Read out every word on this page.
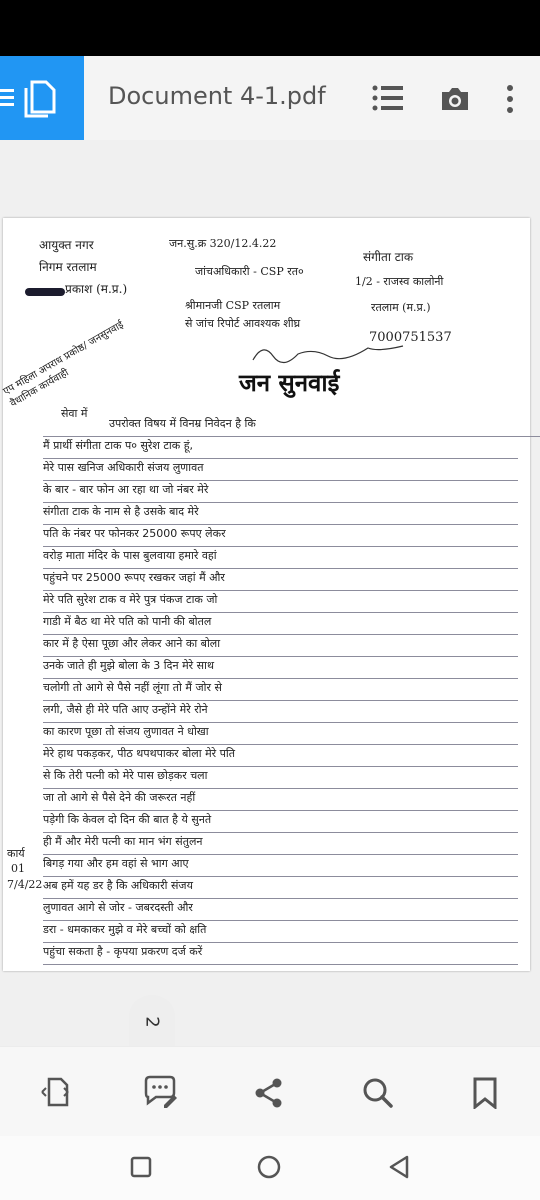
Document 4-1.pdf
आयुक्त नगर
निगम रतलाम
प्रकाश (म.प्र.)
एप महिला अपराध प्रकोष्ठ/ जनसुनवाई वैधानिक कार्यवाही
जन.सु.क्र 320/12.4.22
जांचअधिकारी - CSP रत०
श्रीमानजी CSP रतलाम
से जांच रिपोर्ट आवश्यक शीघ्र
संगीता टाक
1/2 - राजस्व कालोनी
रतलाम (म.प्र.)
7000751537
जन सुनवाई
सेवा में
कार्य
01
7/4/22
उपरोक्त विषय में विनम्र निवेदन है कि
मैं प्रार्थी संगीता टाक प० सुरेश टाक हूं,
मेरे पास खनिज अधिकारी संजय लुणावत
के बार - बार फोन आ रहा था जो नंबर मेरे
संगीता टाक के नाम से है उसके बाद मेरे
पति के नंबर पर फोनकर 25000 रूपए लेकर
वरोड़ माता मंदिर के पास बुलवाया हमारे वहां
पहुंचने पर 25000 रूपए रखकर जहां मैं और
मेरे पति सुरेश टाक व मेरे पुत्र पंकज टाक जो
गाडी में बैठ था मेरे पति को पानी की बोतल
कार में है ऐसा पूछा और लेकर आने का बोला
उनके जाते ही मुझे बोला के 3 दिन मेरे साथ
चलोगी तो आगे से पैसे नहीं लूंगा तो मैं जोर से
लगी, जैसे ही मेरे पति आए उन्होंने मेरे रोने
का कारण पूछा तो संजय लुणावत ने धोखा
मेरे हाथ पकड़कर, पीठ थपथपाकर बोला मेरे पति
से कि तेरी पत्नी को मेरे पास छोड़कर चला
जा तो आगे से पैसे देने की जरूरत नहीं
पड़ेगी कि केवल दो दिन की बात है ये सुनते
ही मैं और मेरी पत्नी का मान भंग संतुलन
बिगड़ गया और हम वहां से भाग आए
अब हमें यह डर है कि अधिकारी संजय
लुणावत आगे से जोर - जबरदस्ती और
डरा - धमकाकर मुझे व मेरे बच्चों को क्षति
पहुंचा सकता है - कृपया प्रकरण दर्ज करें
2
